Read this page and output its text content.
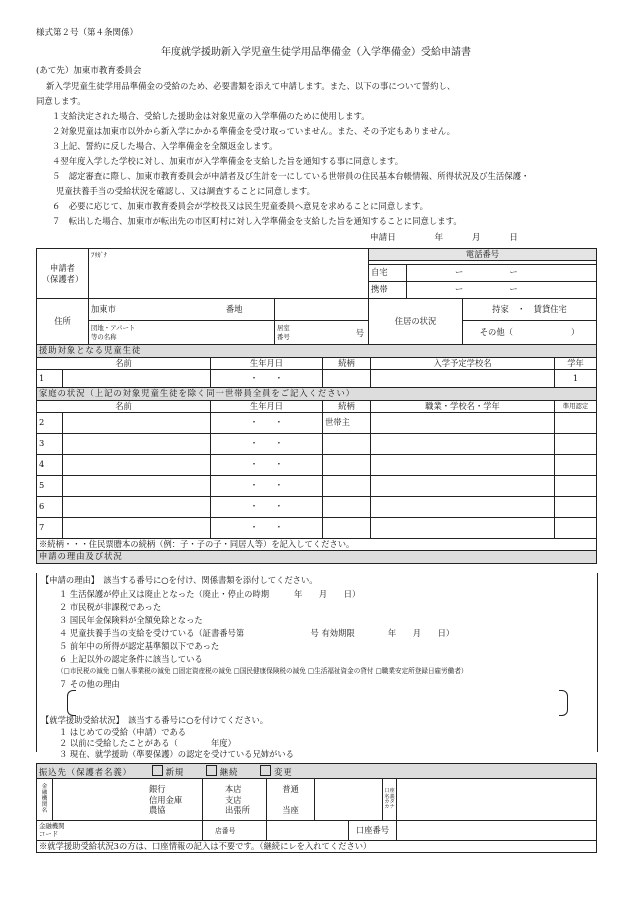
様式第２号（第４条関係）
年度就学援助新入学児童生徒学用品準備金（入学準備金）受給申請書
(あて先）加東市教育委員会
新入学児童生徒学用品準備金の受給のため、必要書類を添えて申請します。また、以下の事について誓約し、
同意します。
１支給決定された場合、受給した援助金は対象児童の入学準備のために使用します。
２対象児童は加東市以外から新入学にかかる準備金を受け取っていません。また、その予定もありません。
３上記、誓約に反した場合、入学準備金を全額返金します。
４翌年度入学した学校に対し、加東市が入学準備金を支給した旨を通知する事に同意します。
５　認定審査に際し、加東市教育委員会が申請者及び生計を一にしている世帯員の住民基本台帳情報、所得状況及び生活保護・
児童扶養手当の受給状況を確認し、又は調査することに同意します。
６　必要に応じて、加東市教育委員会が学校長又は民生児童委員へ意見を求めることに同意します。
７　転出した場合、加東市が転出先の市区町村に対し入学準備金を支給した旨を通知することに同意します。
申請日	年	月	日
申請者
（保護者）	ﾌﾘｶﾞﾅ		電話番号		

			自宅	ー ー	
			携帯	ー ー	
住所	加東市 番地		住居の状況		持家　・　賃貸住宅
	団地・アパート
等の名称	居室
番号 号			その他（　　　　　　　）
援助対象となる児童生徒					
名前		生年月日	続柄	入学予定学校名	学年
1		・　　・			1
家庭の状況（上記の対象児童生徒を除く同一世帯員全員をご記入ください）					
名前		生年月日	続柄	職業・学校名・学年	準用認定
2		・　　・	世帯主		
3		・　　・			
4		・　　・			
5		・　　・			
6		・　　・			
7		・　　・			
※続柄・・・住民票謄本の続柄（例：子・子の子・同居人等）を記入してください。					
申請の理由及び状況					
【申請の理由】　該当する番号に○を付け、関係書類を添付してください。
１ 生活保護が停止又は廃止となった（廃止・停止の時期　　　年　　月　　日）
２ 市民税が非課税であった
３ 国民年金保険料が全額免除となった
４ 児童扶養手当の支給を受けている（証書番号第　　　　　　　　号 有効期限　　　　年　　月　　日）
５ 前年中の所得が認定基準額以下であった
６ 上記以外の認定条件に該当している
（□市民税の減免 □個人事業税の減免 □固定資産税の減免 □国民健康保険税の減免 □生活福祉資金の貸付 □職業安定所登録日雇労働者）
７ その他の理由
【就学援助受給状況】　該当する番号に○を付けてください。
１ はじめての受給（申請）である
２ 以前に受給したことがある（　　　　年度）
３ 現在、就学援助（準要保護）の認定を受けている兄姉がいる
振込先（保護者名義） 新規 継続 変更							
金融機関名	銀行
信用金庫
農協	本店
支店
出張所	普通
当座			口座名義
カタカナ	
金融機関
コード		店番号			口座番号		
※就学援助受給状況3の方は、口座情報の記入は不要です。（継続にレを入れてください）							
